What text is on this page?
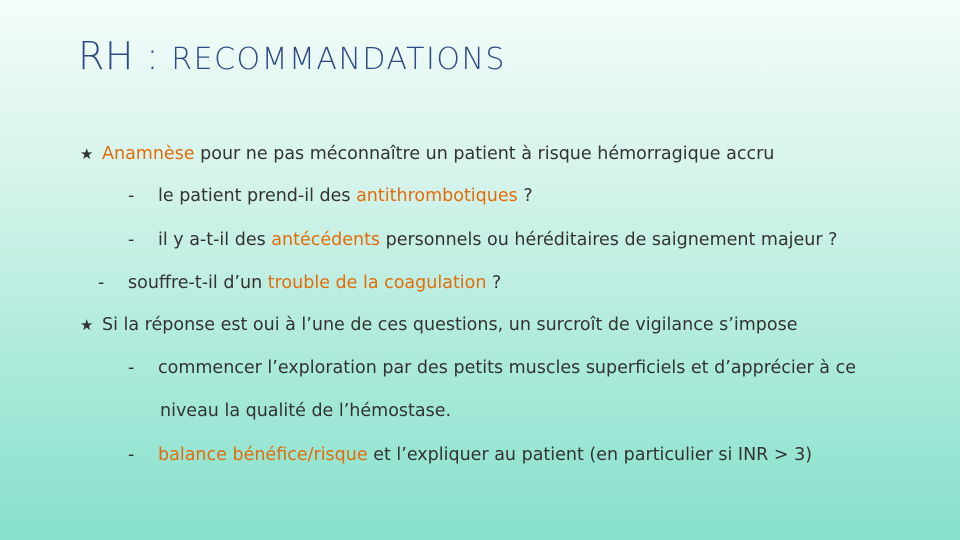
RH : RECOMMANDATIONS
★ Anamnèse pour ne pas méconnaître un patient à risque hémorragique accru
- le patient prend-il des antithrombotiques ?
- il y a-t-il des antécédents personnels ou héréditaires de saignement majeur ?
- souffre-t-il d’un trouble de la coagulation ?
★ Si la réponse est oui à l’une de ces questions, un surcroît de vigilance s’impose
- commencer l’exploration par des petits muscles superficiels et d’apprécier à ce
niveau la qualité de l’hémostase.
- balance bénéfice/risque et l’expliquer au patient (en particulier si INR > 3)
